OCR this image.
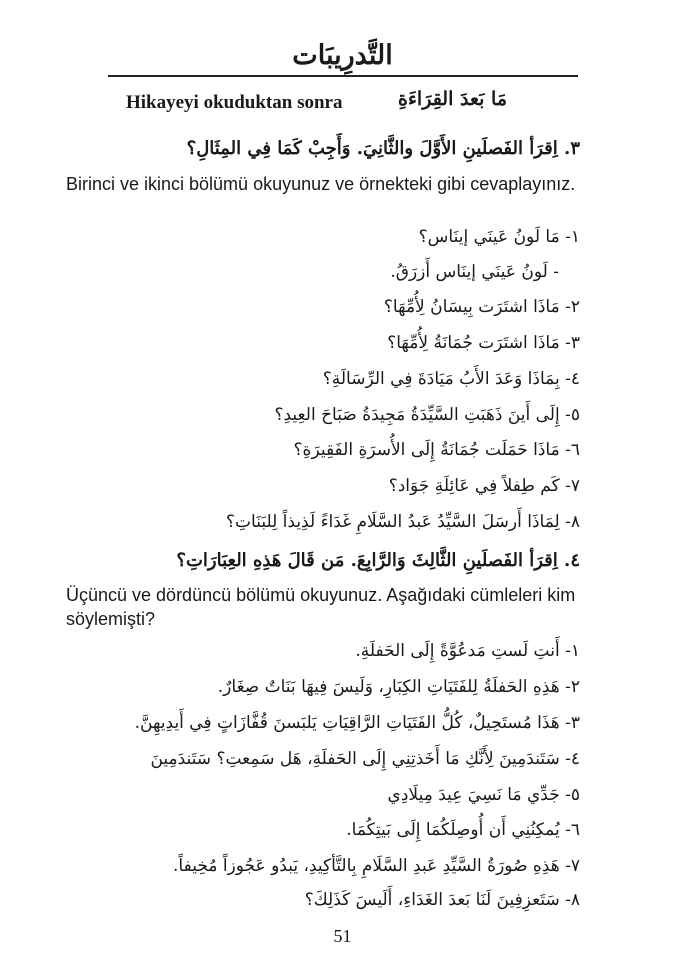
التَّدرِيبَات
Hikayeyi okuduktan sonra	مَا بَعدَ القِرَاءَةِ
٣. اِقرَأ الفَصلَينِ الأَوَّلَ والثَّانِيَ. وَأَجِبْ كَمَا فِي المِثَالِ؟
Birinci ve ikinci bölümü okuyunuz ve örnekteki gibi cevaplayınız.
١- مَا لَونُ عَينَي إينَاس؟
- لَونُ عَينَي إينَاس أَزرَقُ.
٢- مَاذَا اشتَرَت بِيسَانُ لِأُمِّهَا؟
٣- مَاذَا اشتَرَت جُمَانَةُ لِأُمِّهَا؟
٤- بِمَاذَا وَعَدَ الأَبُ مَيَادَةَ فِي الرِّسَالَةِ؟
٥- إِلَى أَينَ ذَهَبَتِ السَّيِّدَةُ مَجِيدَةُ صَبَاحَ العِيدِ؟
٦- مَاذَا حَمَلَت جُمَانَةُ إِلَى الأُسرَةِ الفَقِيرَةِ؟
٧- كَم طِفلاً فِي عَائِلَةِ جَوَاد؟
٨- لِمَاذَا أَرسَلَ السَّيِّدُ عَبدُ السَّلَامِ غَدَاءً لَذِيذاً لِلبَنَاتِ؟
٤. اِقرَأ الفَصلَينِ الثَّالِثَ وَالرَّابِعَ. مَن قَالَ هَذِهِ العِبَارَاتِ؟
Üçüncü ve dördüncü bölümü okuyunuz. Aşağıdaki cümleleri kim
söylemişti?
١- أَنتِ لَستِ مَدعُوَّةً إِلَى الحَفلَةِ.
٢- هَذِهِ الحَفلَةُ لِلفَتَيَاتِ الكِبَارِ، وَلَيسَ فِيهَا بَنَاتٌ صِغَارٌ.
٣- هَذَا مُستَحِيلٌ، كُلُّ الفَتَيَاتِ الرَّاقِيَاتِ يَلبَسنَ قُفَّازَاتٍ فِي أَيدِيهِنَّ.
٤- سَتَندَمِينَ لِأَنَّكِ مَا أَخَذتِنِي إِلَى الحَفلَةِ، هَل سَمِعتِ؟ سَتَندَمِينَ
٥- جَدِّي مَا نَسِيَ عِيدَ مِيلَادِي
٦- يُمكِنُنِي أَن أُوصِلَكُمَا إِلَى بَيتِكُمَا.
٧- هَذِهِ صُورَةُ السَّيِّدِ عَبدِ السَّلَامِ بِالتَّأكِيدِ، يَبدُو عَجُوزاً مُخِيفاً.
٨- سَتَعزِفِينَ لَنَا بَعدَ الغَدَاءِ، أَلَيسَ كَذَلِكَ؟
51
